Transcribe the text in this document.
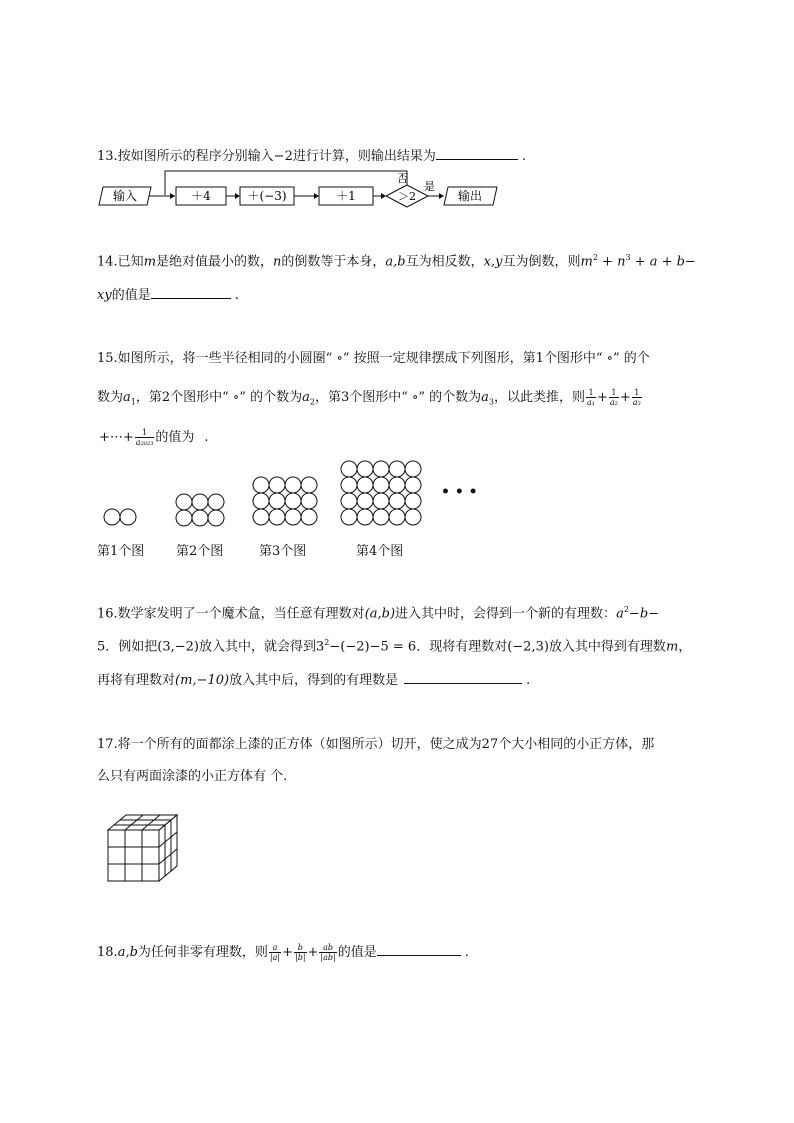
13.按如图所示的程序分别输入−2进行计算，则输出结果为	.
输入	＋4	＋(−3)	＋1	＞2
否
是
输出
14.已知m是绝对值最小的数，n的倒数等于本身，a,b互为相反数，x,y互为倒数，则$m^2 + n^3 + a + b-$
xy的值是	.
15.如图所示，将一些半径相同的小圆圈“ ∘” 按照一定规律摆成下列图形，第1个图形中“ ∘” 的个
数为$a_1$，第2个图形中“ ∘” 的个数为$a_2$，第3个图形中“ ∘” 的个数为$a_3$，以此类推，则 $\frac{1}{\text{a₁}} + \frac{1}{\text{a₂}} + \frac{1}{\text{a₃}}$
+⋯+ $\frac{1}{\text{a₂₀₂₃}}$ 的值为 .
• • •
第1个图 第2个图	第3个图	第4个图
16.数学家发明了一个魔术盒，当任意有理数对(a,b)进入其中时，会得到一个新的有理数：$a^2-b-$
5．例如把(3,−2)放入其中，就会得到$3^2-(-2)-5 = 6$．现将有理数对(−2,3)放入其中得到有理数m，
再将有理数对(m,−10)放入其中后，得到的有理数是	.
17.将一个所有的面都涂上漆的正方体（如图所示）切开，使之成为27个大小相同的小正方体，那
么只有两面涂漆的小正方体有 个.
18.a,b为任何非零有理数，则 $\frac{a}{|a|} + \frac{b}{|b|} + \frac{ab}{|ab|}$ 的值是	.
